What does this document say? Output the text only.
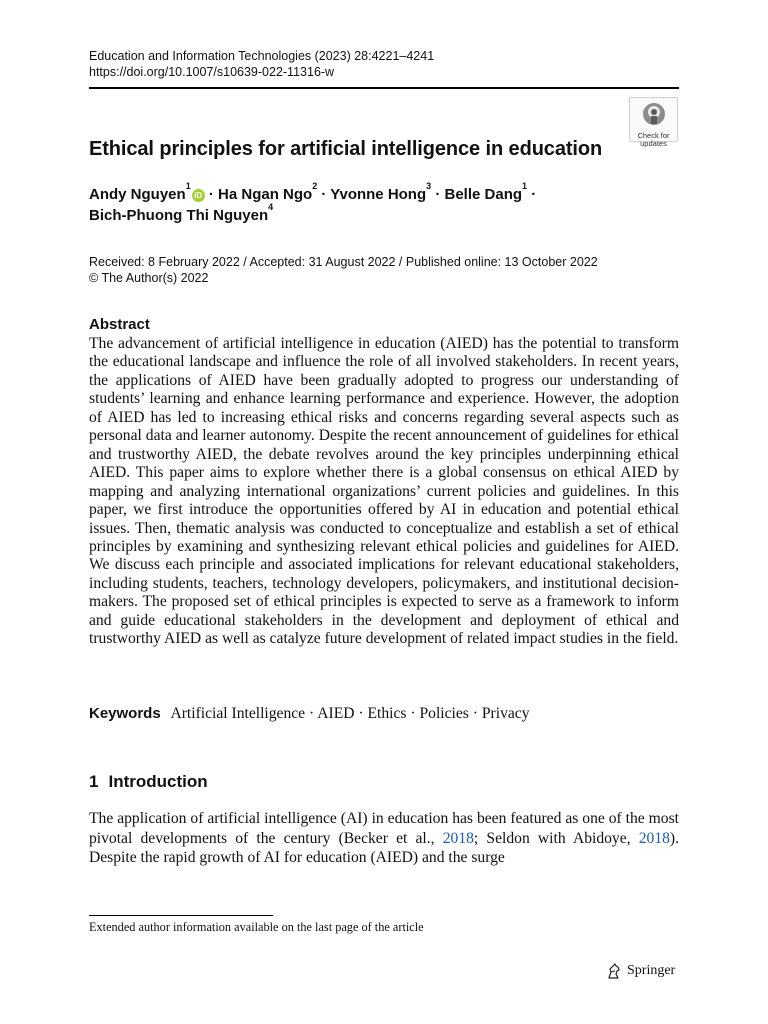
Education and Information Technologies (2023) 28:4221–4241
https://doi.org/10.1007/s10639-022-11316-w
Check for
updates
Ethical principles for artificial intelligence in education
Andy Nguyen$^1$iD · Ha Ngan Ngo$^2$ · Yvonne Hong$^3$ · Belle Dang$^1$ ·
Bich-Phuong Thi Nguyen$^4$
Received: 8 February 2022 / Accepted: 31 August 2022 / Published online: 13 October 2022
© The Author(s) 2022
Abstract
The advancement of artificial intelligence in education (AIED) has the potential to transform the educational landscape and influence the role of all involved stakeholders. In recent years, the applications of AIED have been gradually adopted to progress our understanding of students’ learning and enhance learning performance and experience. However, the adoption of AIED has led to increasing ethical risks and concerns regarding several aspects such as personal data and learner autonomy. Despite the recent announcement of guidelines for ethical and trustworthy AIED, the debate revolves around the key principles underpinning ethical AIED. This paper aims to explore whether there is a global consensus on ethical AIED by mapping and analyzing international organizations’ current policies and guidelines. In this paper, we first introduce the opportunities offered by AI in education and potential ethical issues. Then, thematic analysis was conducted to conceptualize and establish a set of ethical principles by examining and synthesizing relevant ethical policies and guidelines for AIED. We discuss each principle and associated implications for relevant educational stakeholders, including students, teachers, technology developers, policymakers, and institutional decision-makers. The proposed set of ethical principles is expected to serve as a framework to inform and guide educational stakeholders in the development and deployment of ethical and trustworthy AIED as well as catalyze future development of related impact studies in the field.
Keywords Artificial Intelligence · AIED · Ethics · Policies · Privacy
1 Introduction
The application of artificial intelligence (AI) in education has been featured as one of the most pivotal developments of the century (Becker et al., 2018; Seldon with Abidoye, 2018). Despite the rapid growth of AI for education (AIED) and the surge
Extended author information available on the last page of the article
Springer
